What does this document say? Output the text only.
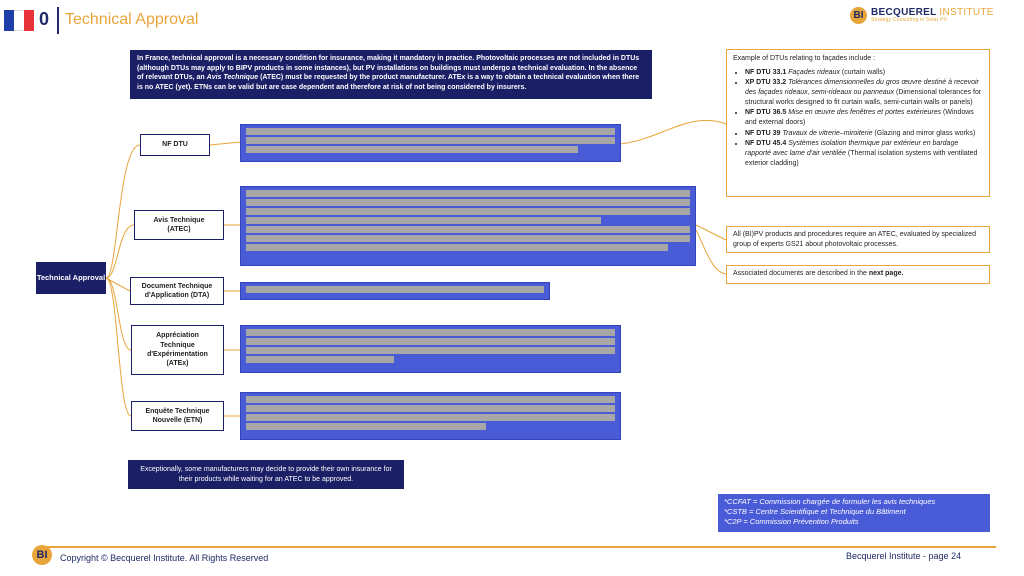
0 Technical Approval	BI BECQUEREL INSTITUTE
Strategy Consulting in Solar PV
In France, technical approval is a necessary condition for insurance, making it mandatory in practice. Photovoltaic processes are not included in DTUs (although DTUs may apply to BIPV products in some instances), but PV installations on buildings must undergo a technical evaluation. In the absence of relevant DTUs, an Avis Technique (ATEC) must be requested by the product manufacturer. ATEx is a way to obtain a technical evaluation when there is no ATEC (yet). ETNs can be valid but are case dependent and therefore at risk of not being considered by insurers.
Technical Approval
NF DTU
Avis Technique (ATEC)
Document Technique d'Application (DTA)
Appréciation Technique d'Expérimentation (ATEx)
Enquête Technique Nouvelle (ETN)
Example of DTUs relating to façades include :
• NF DTU 33.1 Façades rideaux (curtain walls)
• XP DTU 33.2 Tolérances dimensionnelles du gros œuvre destiné à recevoir des façades rideaux, semi-rideaux ou panneaux (Dimensional tolerances for structural works designed to fit curtain walls, semi-curtain walls or panels)
• NF DTU 36.5 Mise en œuvre des fenêtres et portes extérieures (Windows and external doors)
• NF DTU 39 Travaux de vitrerie–miroiterie (Glazing and mirror glass works)
• NF DTU 45.4 Systèmes isolation thermique par extérieur en bardage rapporté avec lame d'air ventilée (Thermal isolation systems with ventilated exterior cladding)
All (BI)PV products and procedures require an ATEC, evaluated by specialized group of experts GS21 about photovoltaic processes.
Associated documents are described in the next page.
Exceptionally, some manufacturers may decide to provide their own insurance for their products while waiting for an ATEC to be approved.
*CCFAT = Commission chargée de formuler les avis techniques
*CSTB = Centre Scientifique et Technique du Bâtiment
*C2P = Commission Prévention Produits
BI	Copyright © Becquerel Institute. All Rights Reserved	Becquerel Institute - page 24
